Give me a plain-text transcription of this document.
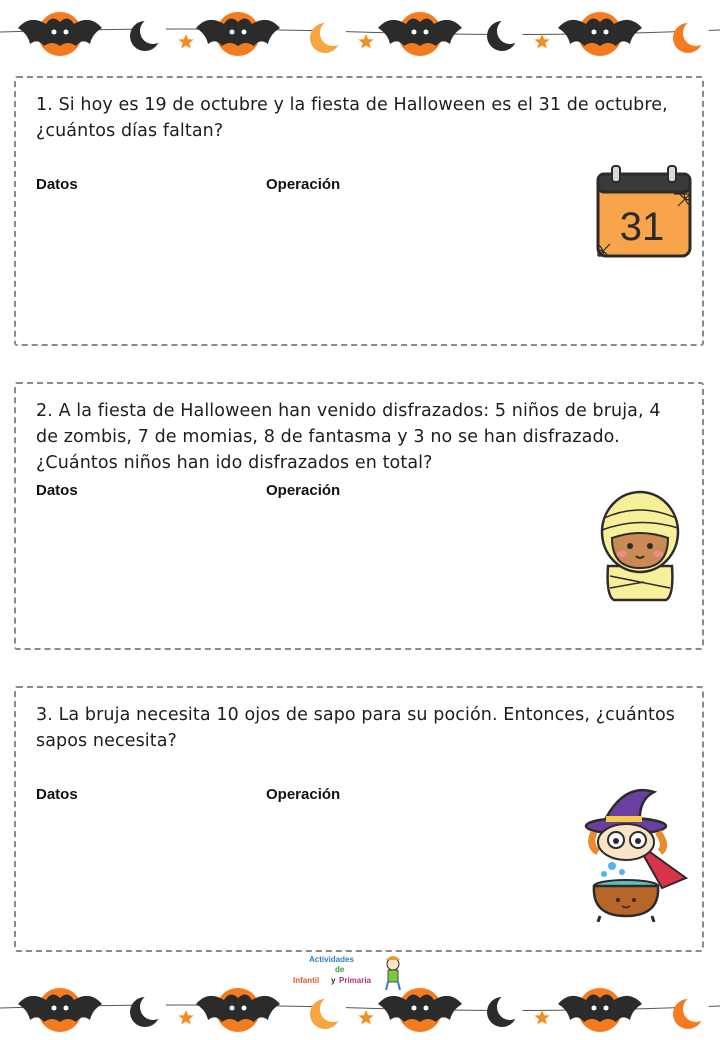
1. Si hoy es 19 de octubre y la fiesta de Halloween es el 31 de octubre, ¿cuántos días faltan?

Datos	Operación
31

2. A la fiesta de Halloween han venido disfrazados: 5 niños de bruja, 4 de zombis, 7 de momias, 8 de fantasma y 3 no se han disfrazado. ¿Cuántos niños han ido disfrazados en total?

Datos	Operación

3. La bruja necesita 10 ojos de sapo para su poción. Entonces, ¿cuántos sapos necesita?

Datos	Operación
Actividades
de
Infantil y Primaria
